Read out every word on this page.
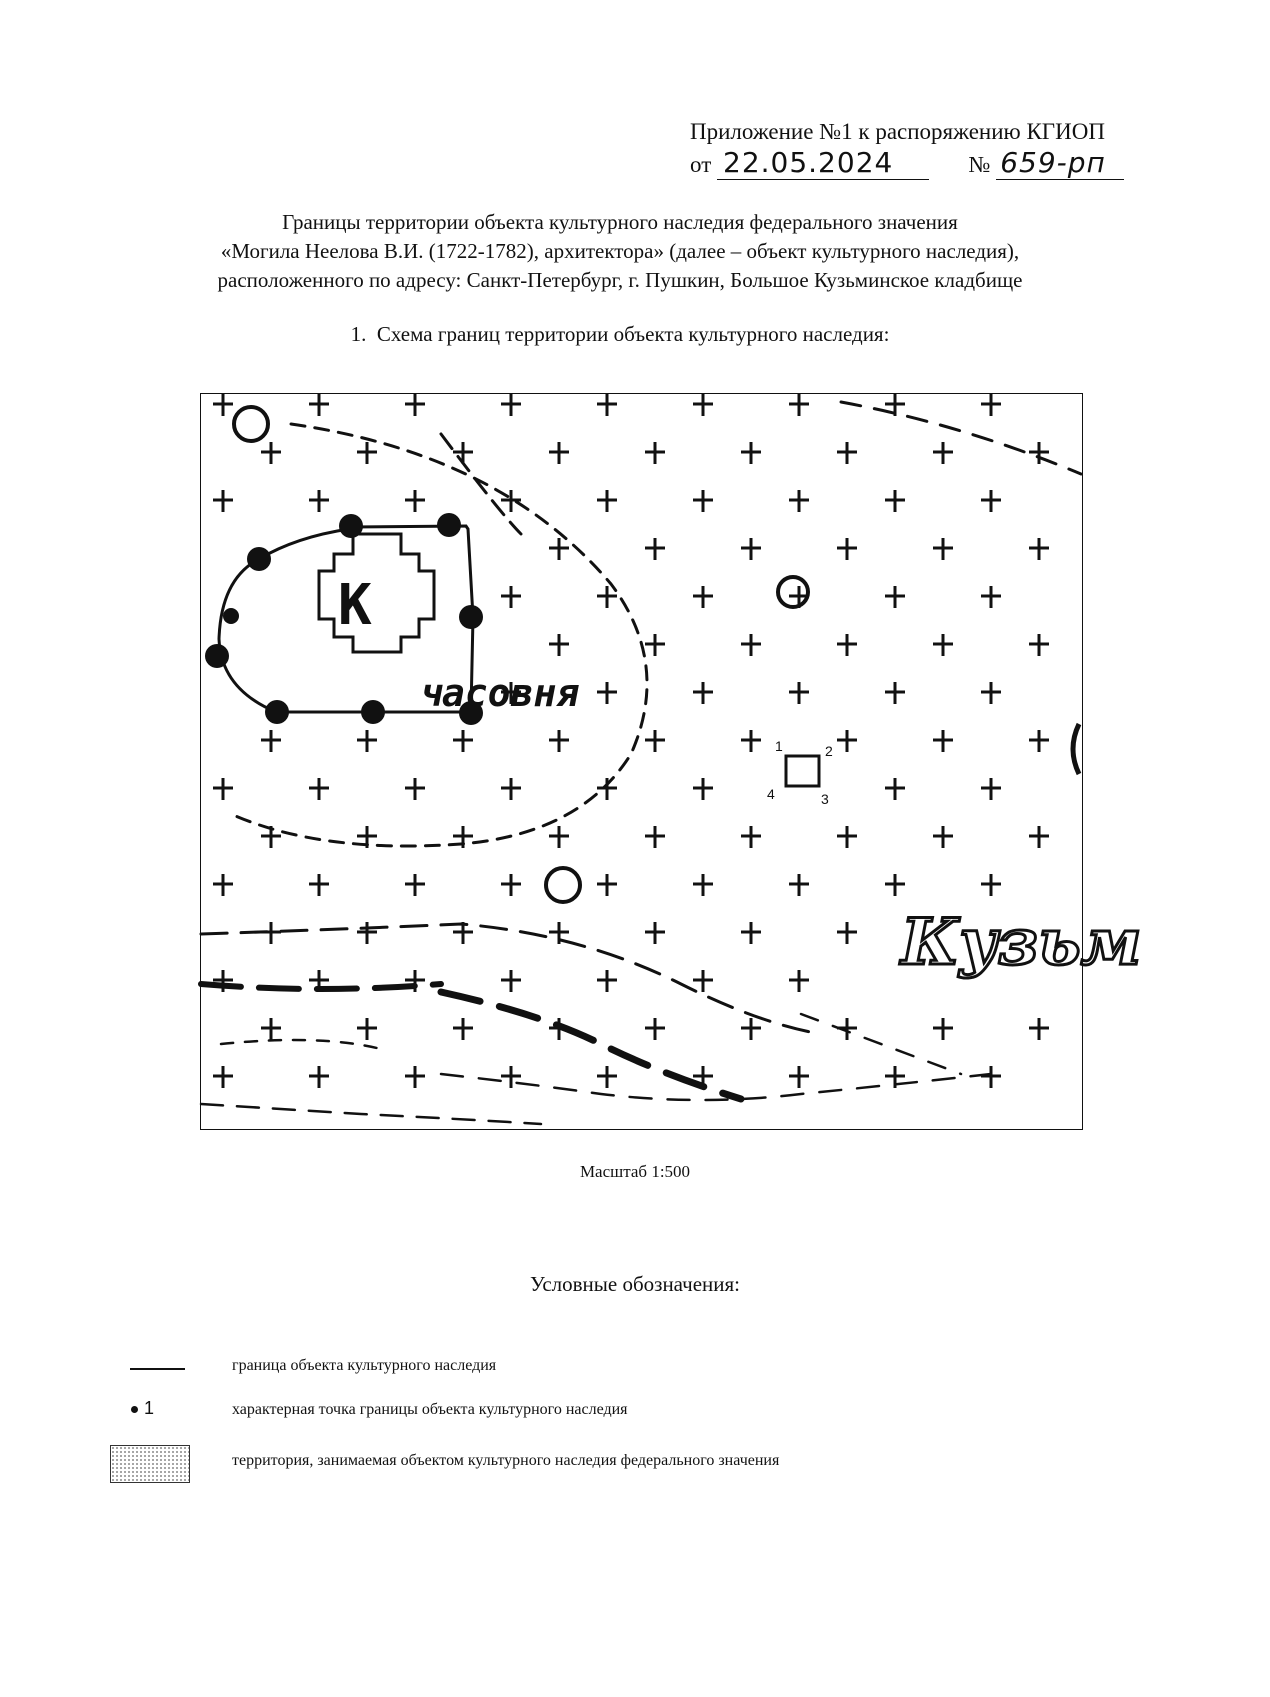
Приложение №1 к распоряжению КГИОП
от 22.05.2024	№ 659-рп
Границы территории объекта культурного наследия федерального значения
«Могила Неелова В.И. (1722-1782), архитектора» (далее – объект культурного наследия),
расположенного по адресу: Санкт-Петербург, г. Пушкин, Большое Кузьминское кладбище
1. Схема границ территории объекта культурного наследия:
К
часовня
Кузьм
1	2
3
4
Масштаб 1:500
Условные обозначения:
граница объекта культурного наследия
1	характерная точка границы объекта культурного наследия
территория, занимаемая объектом культурного наследия федерального значения
